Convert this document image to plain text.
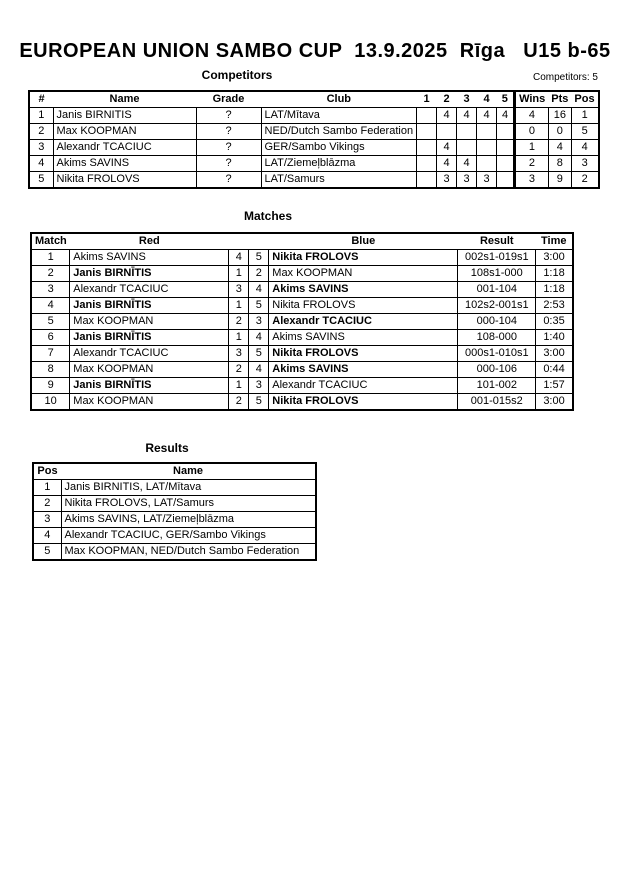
EUROPEAN UNION SAMBO CUP  13.9.2025  Rīga   U15 b-65
Competitors	Competitors: 5
#	Name	Grade	Club	1	2	3	4	5	Wins	Pts	Pos
1	Janis BIRNITIS	?	LAT/Mītava		4	4	4	4	4	16	1
2	Max KOOPMAN	?	NED/Dutch Sambo Federation						0	0	5
3	Alexandr TCACIUC	?	GER/Sambo Vikings		4				1	4	4
4	Akims SAVINS	?	LAT/Ziemeļblāzma		4	4			2	8	3
5	Nikita FROLOVS	?	LAT/Samurs		3	3	3		3	9	2
Matches
Match	Red			Blue	Result	Time
1	Akims SAVINS	4	5	Nikita FROLOVS	002s1-019s1	3:00
2	Janis BIRNĪTIS	1	2	Max KOOPMAN	108s1-000	1:18
3	Alexandr TCACIUC	3	4	Akims SAVINS	001-104	1:18
4	Janis BIRNĪTIS	1	5	Nikita FROLOVS	102s2-001s1	2:53
5	Max KOOPMAN	2	3	Alexandr TCACIUC	000-104	0:35
6	Janis BIRNĪTIS	1	4	Akims SAVINS	108-000	1:40
7	Alexandr TCACIUC	3	5	Nikita FROLOVS	000s1-010s1	3:00
8	Max KOOPMAN	2	4	Akims SAVINS	000-106	0:44
9	Janis BIRNĪTIS	1	3	Alexandr TCACIUC	101-002	1:57
10	Max KOOPMAN	2	5	Nikita FROLOVS	001-015s2	3:00
Results
Pos	Name
1	Janis BIRNITIS, LAT/Mītava
2	Nikita FROLOVS, LAT/Samurs
3	Akims SAVINS, LAT/Ziemeļblāzma
4	Alexandr TCACIUC, GER/Sambo Vikings
5	Max KOOPMAN, NED/Dutch Sambo Federation
